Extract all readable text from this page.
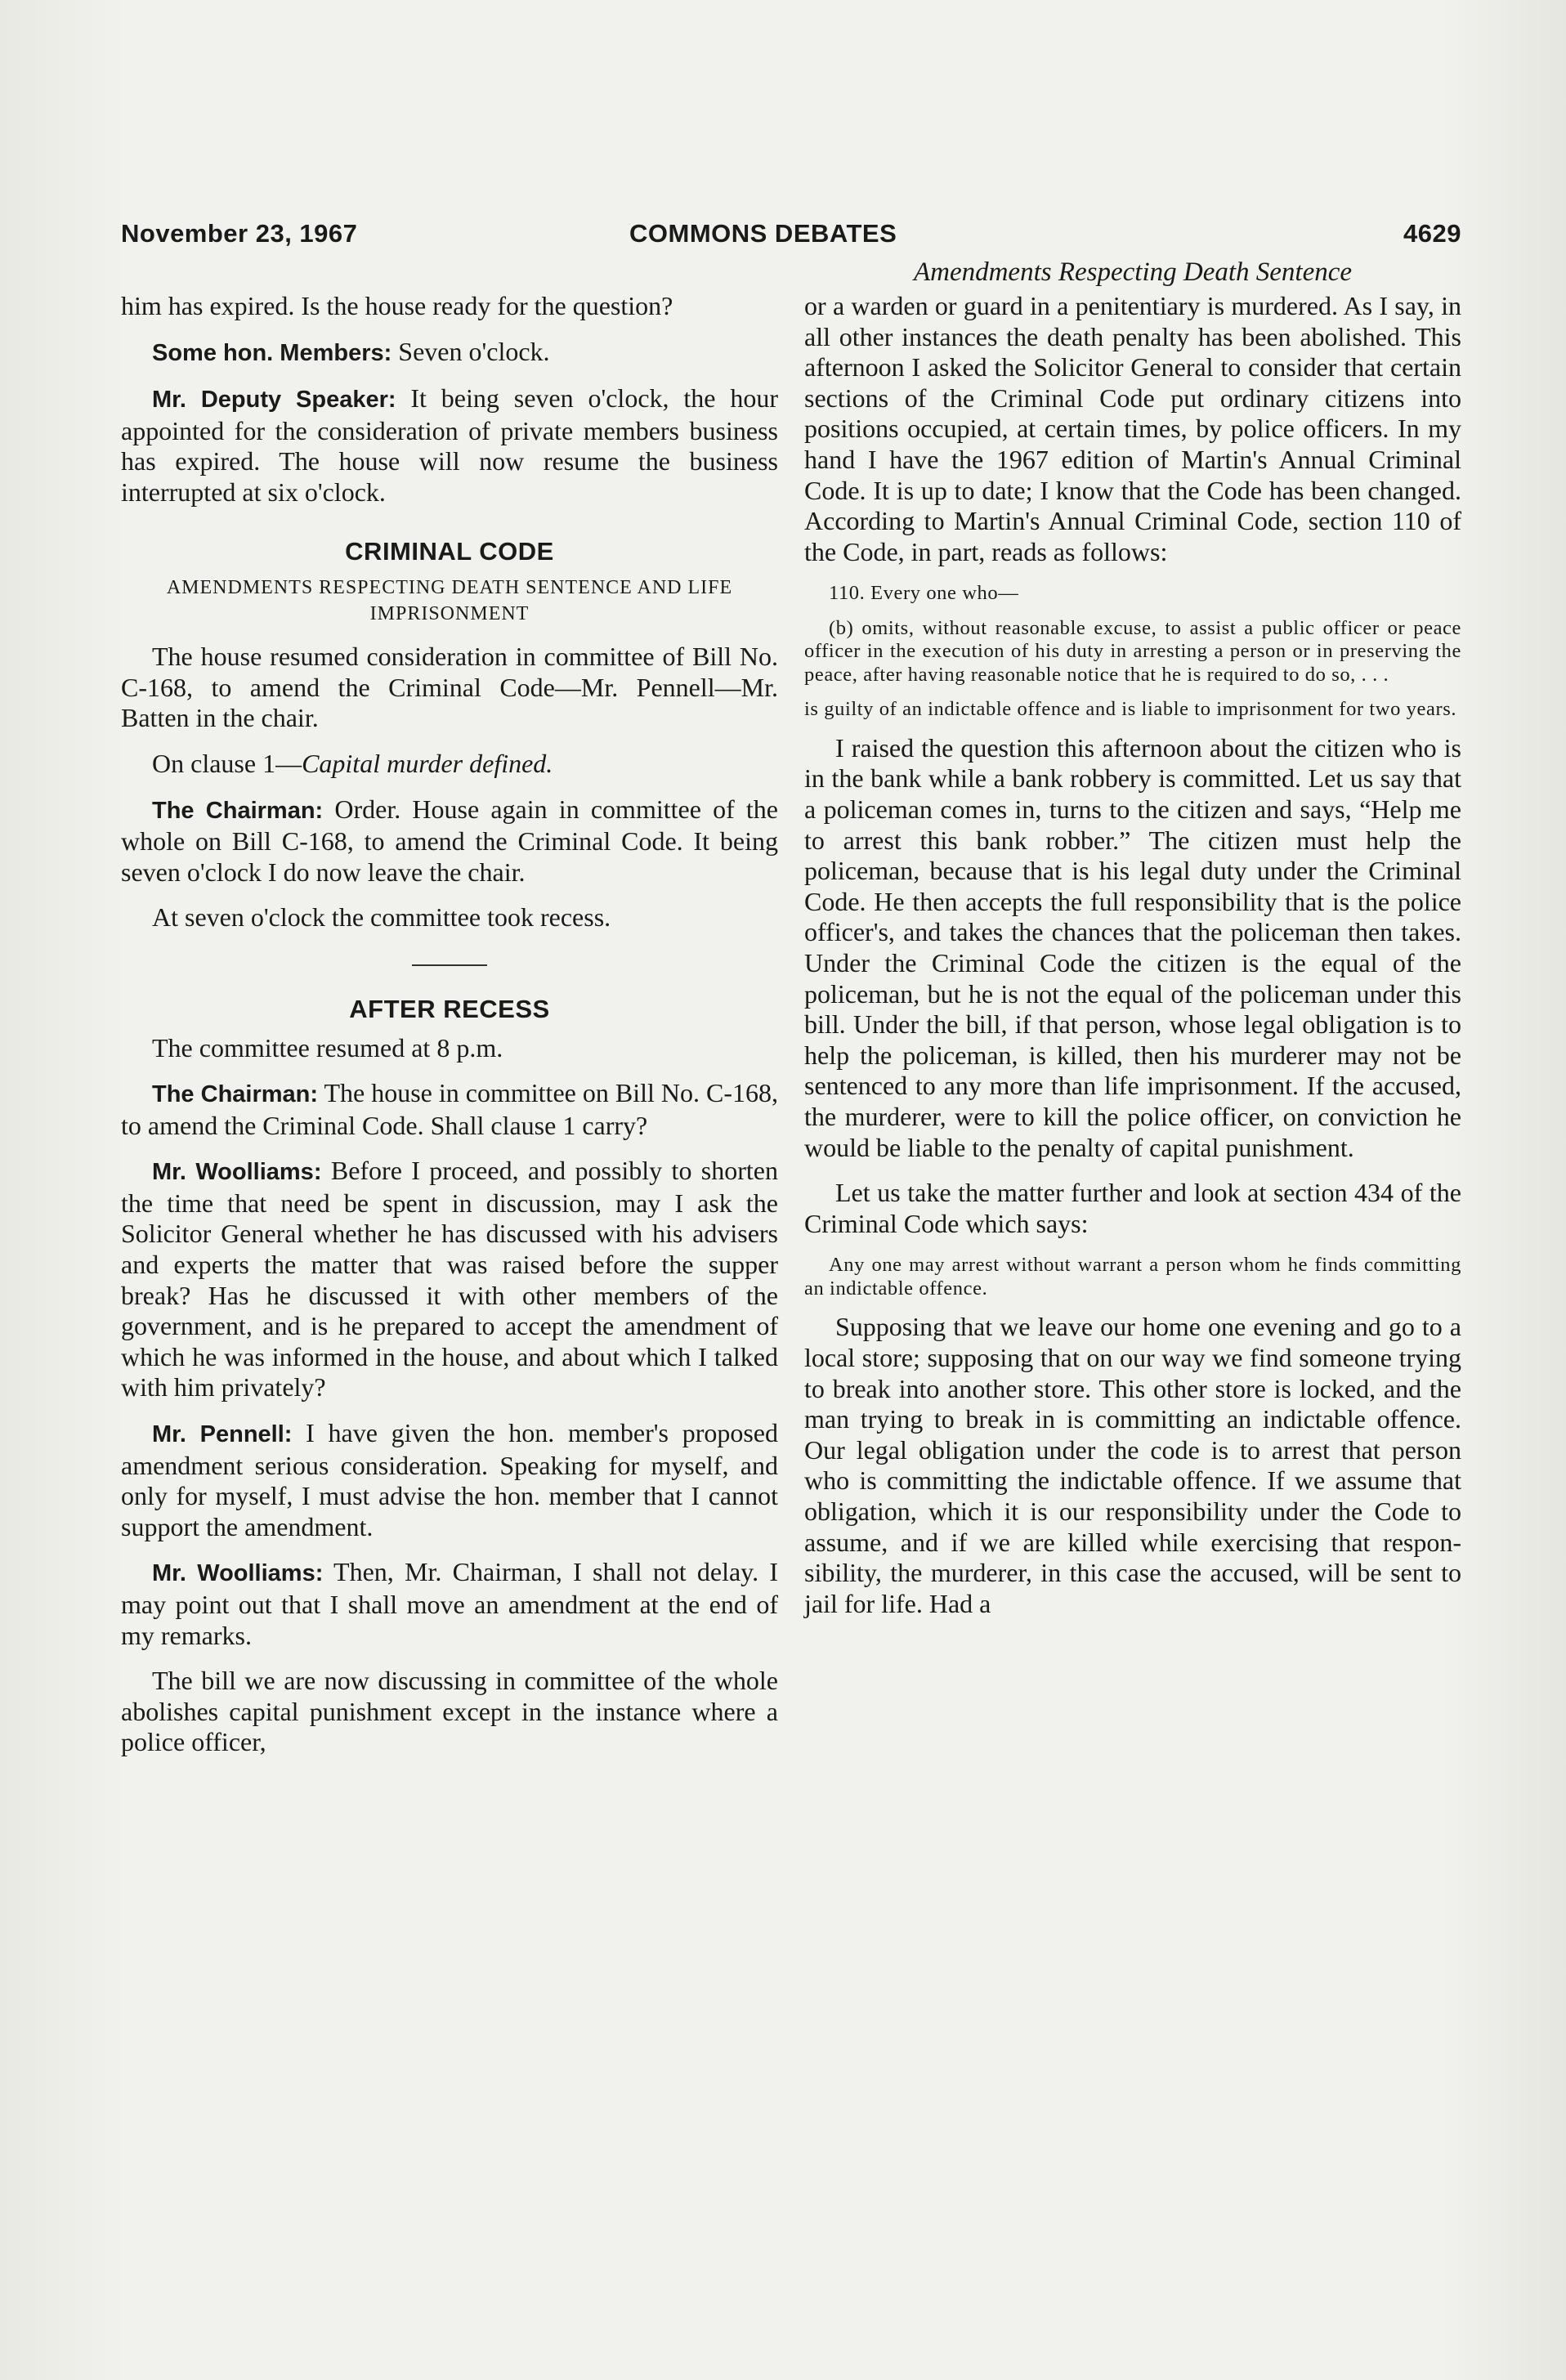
November 23, 1967	COMMONS DEBATES	4629
Amendments Respecting Death Sentence

him has expired. Is the house ready for the question?

Some hon. Members: Seven o'clock.

Mr. Deputy Speaker: It being seven o'clock, the hour appointed for the consideration of private members business has expired. The house will now resume the business interrupted at six o'clock.

CRIMINAL CODE
AMENDMENTS RESPECTING DEATH SENTENCE AND LIFE IMPRISONMENT

The house resumed consideration in committee of Bill No. C-168, to amend the Criminal Code—Mr. Pennell—Mr. Batten in the chair.

On clause 1—Capital murder defined.

The Chairman: Order. House again in committee of the whole on Bill C-168, to amend the Criminal Code. It being seven o'clock I do now leave the chair.

At seven o'clock the committee took recess.

AFTER RECESS

The committee resumed at 8 p.m.

The Chairman: The house in committee on Bill No. C-168, to amend the Criminal Code. Shall clause 1 carry?

Mr. Woolliams: Before I proceed, and possibly to shorten the time that need be spent in discussion, may I ask the Solicitor General whether he has discussed with his advisers and experts the matter that was raised before the supper break? Has he discussed it with other members of the government, and is he prepared to accept the amendment of which he was informed in the house, and about which I talked with him privately?

Mr. Pennell: I have given the hon. member's proposed amendment serious consideration. Speaking for myself, and only for myself, I must advise the hon. member that I cannot support the amendment.

Mr. Woolliams: Then, Mr. Chairman, I shall not delay. I may point out that I shall move an amendment at the end of my remarks.

The bill we are now discussing in committee of the whole abolishes capital punishment except in the instance where a police officer,

or a warden or guard in a penitentiary is murdered. As I say, in all other instances the death penalty has been abolished. This afternoon I asked the Solicitor General to consider that certain sections of the Criminal Code put ordinary citizens into positions occupied, at certain times, by police officers. In my hand I have the 1967 edition of Martin's Annual Criminal Code. It is up to date; I know that the Code has been changed. According to Martin's Annual Criminal Code, section 110 of the Code, in part, reads as follows:

110. Every one who—
(b) omits, without reasonable excuse, to assist a public officer or peace officer in the execution of his duty in arresting a person or in preserving the peace, after having reasonable notice that he is required to do so, . . .
is guilty of an indictable offence and is liable to imprisonment for two years.

I raised the question this afternoon about the citizen who is in the bank while a bank robbery is committed. Let us say that a policeman comes in, turns to the citizen and says, “Help me to arrest this bank robber.” The citizen must help the policeman, because that is his legal duty under the Criminal Code. He then accepts the full responsibility that is the police officer's, and takes the chances that the policeman then takes. Under the Criminal Code the citizen is the equal of the policeman, but he is not the equal of the policeman under this bill. Under the bill, if that person, whose legal obligation is to help the policeman, is killed, then his murderer may not be sentenced to any more than life imprisonment. If the accused, the murderer, were to kill the police officer, on conviction he would be liable to the penalty of capital punishment.

Let us take the matter further and look at section 434 of the Criminal Code which says:

Any one may arrest without warrant a person whom he finds committing an indictable offence.

Supposing that we leave our home one evening and go to a local store; supposing that on our way we find someone trying to break into another store. This other store is locked, and the man trying to break in is committing an indictable offence. Our legal obligation under the code is to arrest that person who is committing the indictable offence. If we assume that obligation, which it is our responsibility under the Code to assume, and if we are killed while exercising that responsibility, the murderer, in this case the accused, will be sent to jail for life. Had a
